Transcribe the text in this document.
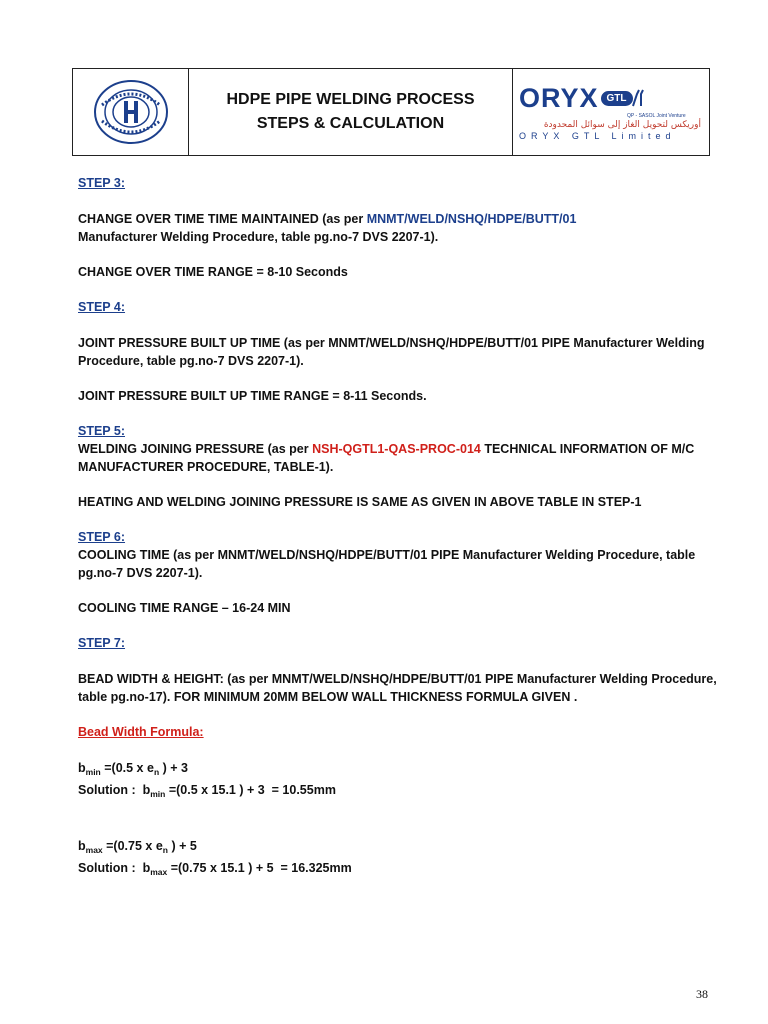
HDPE PIPE WELDING PROCESS
STEPS & CALCULATION
ORYX GTL
QP - SASOL Joint Venture
أوريكس لتحويل الغاز إلى سوائل المحدودة
ORYX GTL Limited
STEP 3:

CHANGE OVER TIME TIME MAINTAINED (as per MNMT/WELD/NSHQ/HDPE/BUTT/01
Manufacturer Welding Procedure, table pg.no-7 DVS 2207-1).

CHANGE OVER TIME RANGE = 8-10 Seconds

STEP 4:

JOINT PRESSURE BUILT UP TIME (as per MNMT/WELD/NSHQ/HDPE/BUTT/01 PIPE Manufacturer Welding Procedure, table pg.no-7 DVS 2207-1).

JOINT PRESSURE BUILT UP TIME RANGE = 8-11 Seconds.

STEP 5:

WELDING JOINING PRESSURE (as per NSH-QGTL1-QAS-PROC-014 TECHNICAL INFORMATION OF M/C MANUFACTURER PROCEDURE, TABLE-1).

HEATING AND WELDING JOINING PRESSURE IS SAME AS GIVEN IN ABOVE TABLE IN STEP-1

STEP 6:

COOLING TIME (as per MNMT/WELD/NSHQ/HDPE/BUTT/01 PIPE Manufacturer Welding Procedure, table pg.no-7 DVS 2207-1).

COOLING TIME RANGE – 16-24 MIN

STEP 7:

BEAD WIDTH & HEIGHT: (as per MNMT/WELD/NSHQ/HDPE/BUTT/01 PIPE Manufacturer Welding Procedure, table pg.no-17). FOR MINIMUM 20MM BELOW WALL THICKNESS FORMULA GIVEN .

Bead Width Formula:

$b_{min} =(0.5$ x $e_n$ ) + 3

Solution :  $b_{min} =(0.5$ x 15.1 ) + 3  = 10.55mm

$b_{max} =(0.75$ x $e_n$ ) + 5

Solution :  $b_{max} =(0.75$ x 15.1 ) + 5  = 16.325mm

38
